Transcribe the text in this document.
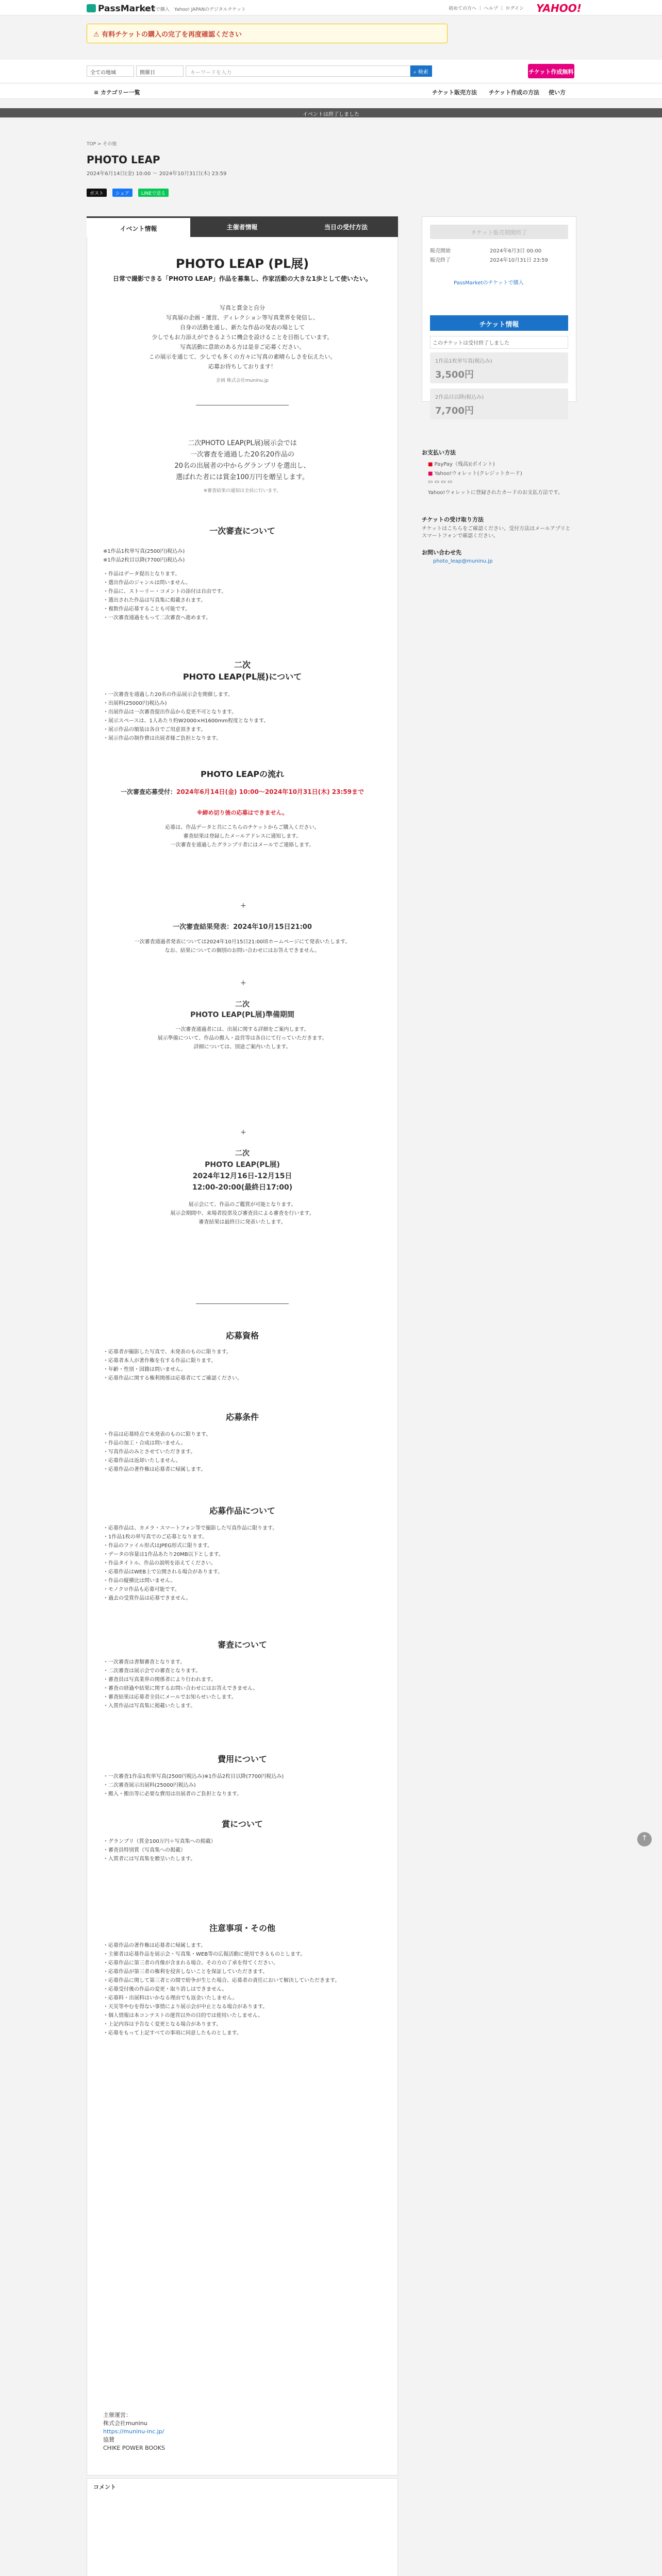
PassMarket
スマホで購入　Yahoo! JAPANのデジタルチケット	初めての方へ ｜ ヘルプ ｜ ログイン YAHOO!
⚠ 有料チケットの購入の完了を再度確認ください
全ての地域	開催日	キーワードを入力	⌕ 検索	チケット作成無料
≡ カテゴリー一覧	チケット販売方法 チケット作成の方法 使い方
イベントは終了しました
TOP > その他
PHOTO LEAP
2024年6月14日(金) 10:00 〜 2024年10月31日(木) 23:59
ポスト	シェア	LINEで送る
イベント情報	主催者情報	当日の受付方法
PHOTO LEAP (PL展)
日常で撮影できる「PHOTO LEAP」作品を募集し、作家活動の大きな1歩として使いたい。
写真と賞金と自分
写真展の企画・運営、ディレクション等写真業界を発信し、
自身の活動を通し、新たな作品の発表の場として
少しでもお力添えができるように機会を設けることを目指しています。
写真活動に意欲のある方は是非ご応募ください。
この展示を通じて、少しでも多くの方々に写真の素晴らしさを伝えたい。
応募お待ちしております！
企画 株式会社muninu.jp
二次PHOTO LEAP(PL展)展示会では
一次審査を通過した20名20作品の
20名の出展者の中からグランプリを選出し、
選ばれた者には賞金100万円を贈呈します。
※審査結果の通知は全員に行います。
一次審査について
※1作品1枚単写真(2500円)税込み)
※1作品2枚目以降(7700円)税込み)
・作品はデータ提出となります。
・選出作品のジャンルは問いません。
・作品に、ストーリー・コメントの添付は自由です。
・選出された作品は写真集に掲載されます。
・複数作品応募することも可能です。
・一次審査通過をもって二次審査へ進めます。
二次
PHOTO LEAP(PL展)について
・一次審査を通過した20名の作品展示会を開催します。
・出展料(25000円)税込み)
・出展作品は一次審査提出作品から変更不可となります。
・展示スペースは、1人あたり約W2000×H1600mm程度となります。
・展示作品の額装は各自でご用意頂きます。
・展示作品の制作費は出展者様ご負担となります。
PHOTO LEAPの流れ
一次審査応募受付：2024年6月14日(金) 10:00〜2024年10月31日(木) 23:59まで
※締め切り後の応募はできません。
応募は、作品データと共にこちらのチケットからご購入ください。
審査結果は登録したメールアドレスに通知します。
一次審査を通過したグランプリ者にはメールでご連絡します。
+
一次審査結果発表：2024年10月15日21:00
一次審査通過者発表については2024年10月15日21:00頃ホームページにて発表いたします。
なお、結果についての個別のお問い合わせにはお答えできません。
+
二次
PHOTO LEAP(PL展)準備期間
一次審査通過者には、出展に関する詳細をご案内します。
展示準備について、作品の搬入・設営等は各自にて行っていただきます。
詳細については、別途ご案内いたします。
+
二次
PHOTO LEAP(PL展)
2024年12月16日-12月15日
12:00-20:00(最終日17:00)
展示会にて、作品のご鑑賞が可能となります。
展示会期間中、来場者投票及び審査員による審査を行います。
審査結果は最終日に発表いたします。
応募資格
・応募者が撮影した写真で、未発表のものに限ります。
・応募者本人が著作権を有する作品に限ります。
・年齢・性別・国籍は問いません。
・応募作品に関する権利関係は応募者にてご確認ください。
応募条件
・作品は応募時点で未発表のものに限ります。
・作品の加工・合成は問いません。
・写真作品のみとさせていただきます。
・応募作品は返却いたしません。
・応募作品の著作権は応募者に帰属します。
応募作品について
・応募作品は、カメラ・スマートフォン等で撮影した写真作品に限ります。
・1作品1枚の単写真でのご応募となります。
・作品のファイル形式はJPEG形式に限ります。
・データの容量は1作品あたり20MB以下とします。
・作品タイトル、作品の説明を添えてください。
・応募作品はWEB上で公開される場合があります。
・作品の縦横比は問いません。
・モノクロ作品も応募可能です。
・過去の受賞作品は応募できません。
審査について
・一次審査は書類審査となります。
・二次審査は展示会での審査となります。
・審査員は写真業界の関係者により行われます。
・審査の経過や結果に関するお問い合わせにはお答えできません。
・審査結果は応募者全員にメールでお知らせいたします。
・入賞作品は写真集に掲載いたします。
費用について
・一次審査1作品1枚単写真(2500円税込み)※1作品2枚目以降(7700円税込み)
・二次審査展示出展料(25000円税込み)
・搬入・搬出等に必要な費用は出展者のご負担となります。
賞について
・グランプリ（賞金100万円＋写真集への掲載）
・審査員特別賞（写真集への掲載）
・入賞者には写真集を贈呈いたします。
注意事項・その他
・応募作品の著作権は応募者に帰属します。
・主催者は応募作品を展示会・写真集・WEB等の広報活動に使用できるものとします。
・応募作品に第三者の肖像が含まれる場合、その方の了承を得てください。
・応募作品が第三者の権利を侵害しないことを保証していただきます。
・応募作品に関して第三者との間で紛争が生じた場合、応募者の責任において解決していただきます。
・応募受付後の作品の変更・取り消しはできません。
・応募料・出展料はいかなる理由でも返金いたしません。
・天災等やむを得ない事情により展示会が中止となる場合があります。
・個人情報は本コンテストの運営以外の目的では使用いたしません。
・上記内容は予告なく変更となる場合があります。
・応募をもって上記すべての事項に同意したものとします。
主催運営：
株式会社muninu
https://muninu-inc.jp/
協賛
CHIKE POWER BOOKS
チケット販売期間終了
販売開始	2024年6月3日 00:00
販売終了	2024年10月31日 23:59
PassMarketのチケットで購入
チケット情報
このチケットは受付終了しました
1作品1枚単写真(税込み)
3,500円
2作品目以降(税込み)
7,700円
お支払い方法
■ PayPay（残高)(ポイント)
■ Yahoo!ウォレット(クレジットカード)
▭ ▭ ▭ ▭
Yahoo!ウォレットに登録されたカードのお支払方法です。
チケットの受け取り方法
チケットはこちらをご確認ください。受付方法はメールアプリとスマートフォンで確認ください。
お問い合わせ先
photo_leap@muninu.jp
↑
コメント
